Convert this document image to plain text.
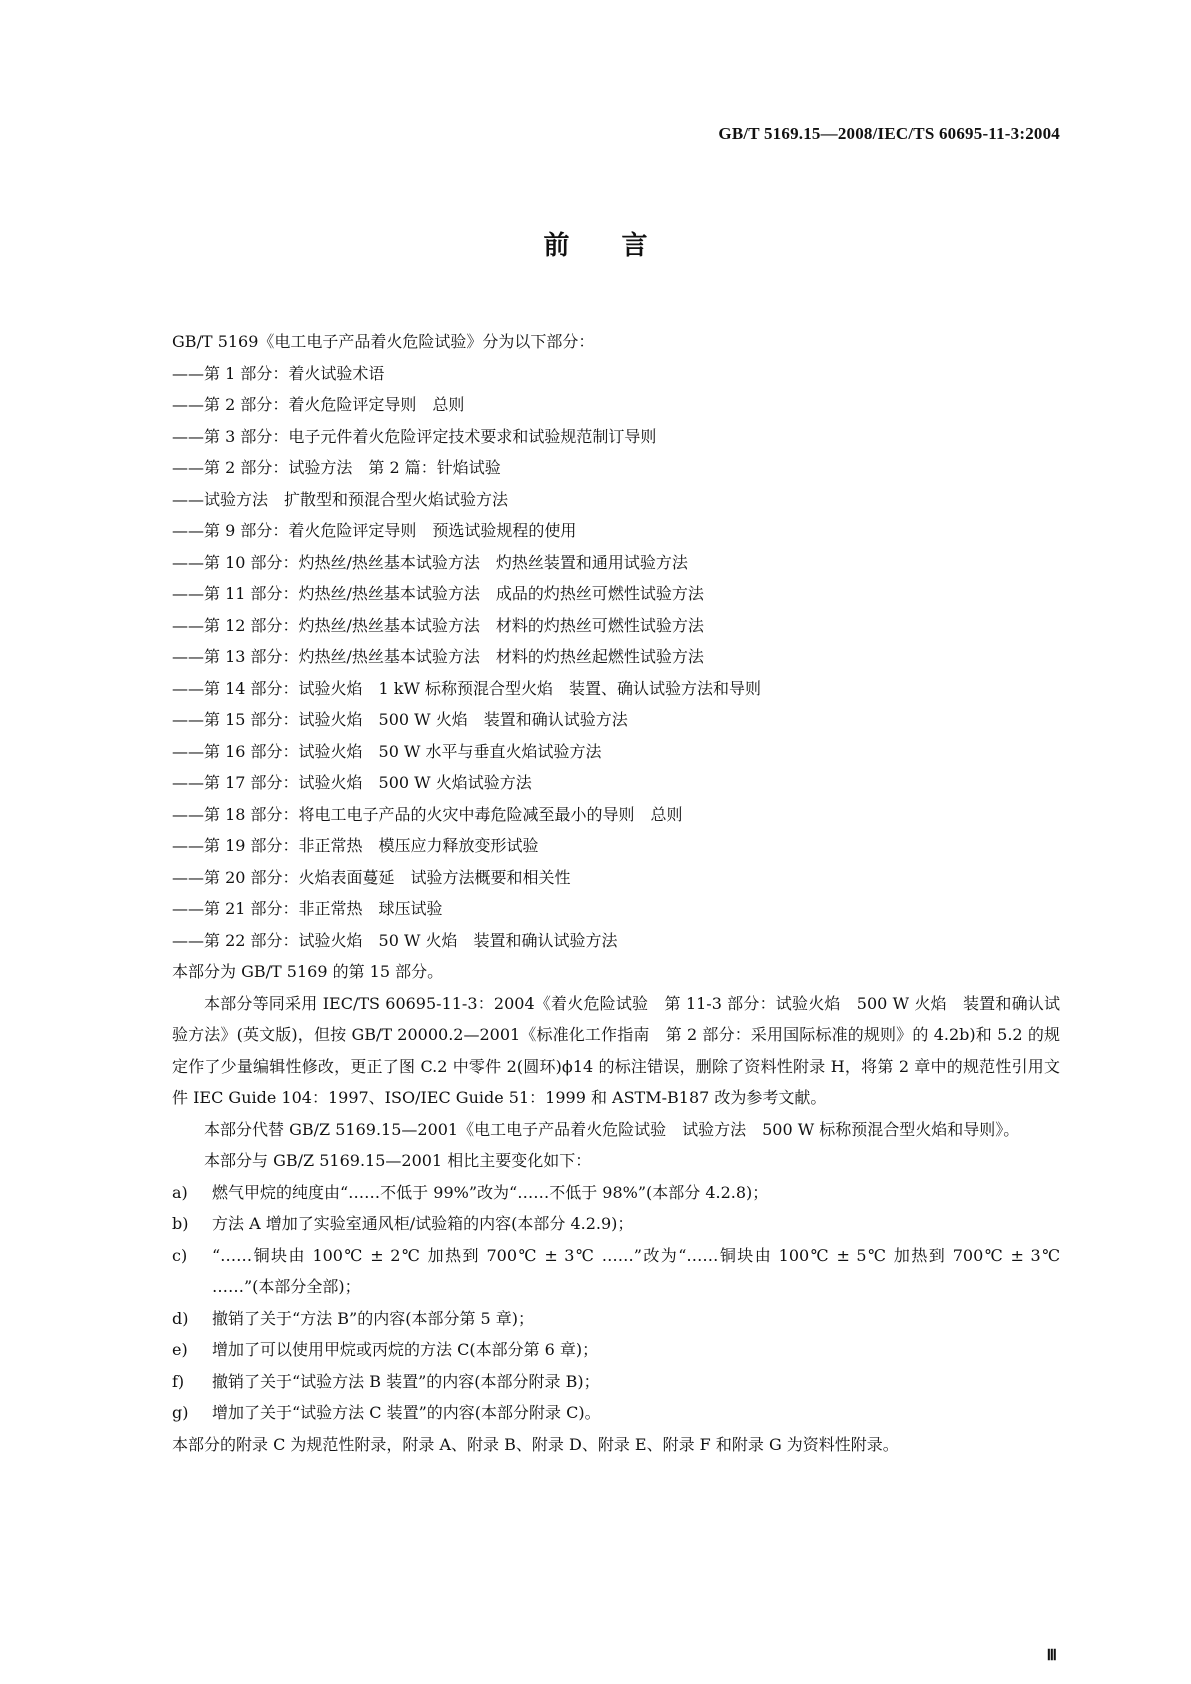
GB/T 5169.15—2008/IEC/TS 60695-11-3:2004
前 言
GB/T 5169《电工电子产品着火危险试验》分为以下部分：
——第 1 部分：着火试验术语
——第 2 部分：着火危险评定导则　总则
——第 3 部分：电子元件着火危险评定技术要求和试验规范制订导则
——第 2 部分：试验方法　第 2 篇：针焰试验
——试验方法　扩散型和预混合型火焰试验方法
——第 9 部分：着火危险评定导则　预选试验规程的使用
——第 10 部分：灼热丝/热丝基本试验方法　灼热丝装置和通用试验方法
——第 11 部分：灼热丝/热丝基本试验方法　成品的灼热丝可燃性试验方法
——第 12 部分：灼热丝/热丝基本试验方法　材料的灼热丝可燃性试验方法
——第 13 部分：灼热丝/热丝基本试验方法　材料的灼热丝起燃性试验方法
——第 14 部分：试验火焰　1 kW 标称预混合型火焰　装置、确认试验方法和导则
——第 15 部分：试验火焰　500 W 火焰　装置和确认试验方法
——第 16 部分：试验火焰　50 W 水平与垂直火焰试验方法
——第 17 部分：试验火焰　500 W 火焰试验方法
——第 18 部分：将电工电子产品的火灾中毒危险减至最小的导则　总则
——第 19 部分：非正常热　模压应力释放变形试验
——第 20 部分：火焰表面蔓延　试验方法概要和相关性
——第 21 部分：非正常热　球压试验
——第 22 部分：试验火焰　50 W 火焰　装置和确认试验方法
本部分为 GB/T 5169 的第 15 部分。

本部分等同采用 IEC/TS 60695-11-3：2004《着火危险试验　第 11-3 部分：试验火焰　500 W 火焰　装置和确认试验方法》(英文版)，但按 GB/T 20000.2—2001《标准化工作指南　第 2 部分：采用国际标准的规则》的 4.2b)和 5.2 的规定作了少量编辑性修改，更正了图 C.2 中零件 2(圆环)ϕ14 的标注错误，删除了资料性附录 H，将第 2 章中的规范性引用文件 IEC Guide 104：1997、ISO/IEC Guide 51：1999 和 ASTM-B187 改为参考文献。

本部分代替 GB/Z 5169.15—2001《电工电子产品着火危险试验　试验方法　500 W 标称预混合型火焰和导则》。

本部分与 GB/Z 5169.15—2001 相比主要变化如下：

a)	燃气甲烷的纯度由“……不低于 99%”改为“……不低于 98%”(本部分 4.2.8)；
b)	方法 A 增加了实验室通风柜/试验箱的内容(本部分 4.2.9)；
c)	“……铜块由 100℃ ± 2℃ 加热到 700℃ ± 3℃ ……”改为“……铜块由 100℃ ± 5℃ 加热到 700℃ ± 3℃ ……”(本部分全部)；
d)	撤销了关于“方法 B”的内容(本部分第 5 章)；
e)	增加了可以使用甲烷或丙烷的方法 C(本部分第 6 章)；
f)	撤销了关于“试验方法 B 装置”的内容(本部分附录 B)；
g)	增加了关于“试验方法 C 装置”的内容(本部分附录 C)。
本部分的附录 C 为规范性附录，附录 A、附录 B、附录 D、附录 E、附录 F 和附录 G 为资料性附录。
Ⅲ
